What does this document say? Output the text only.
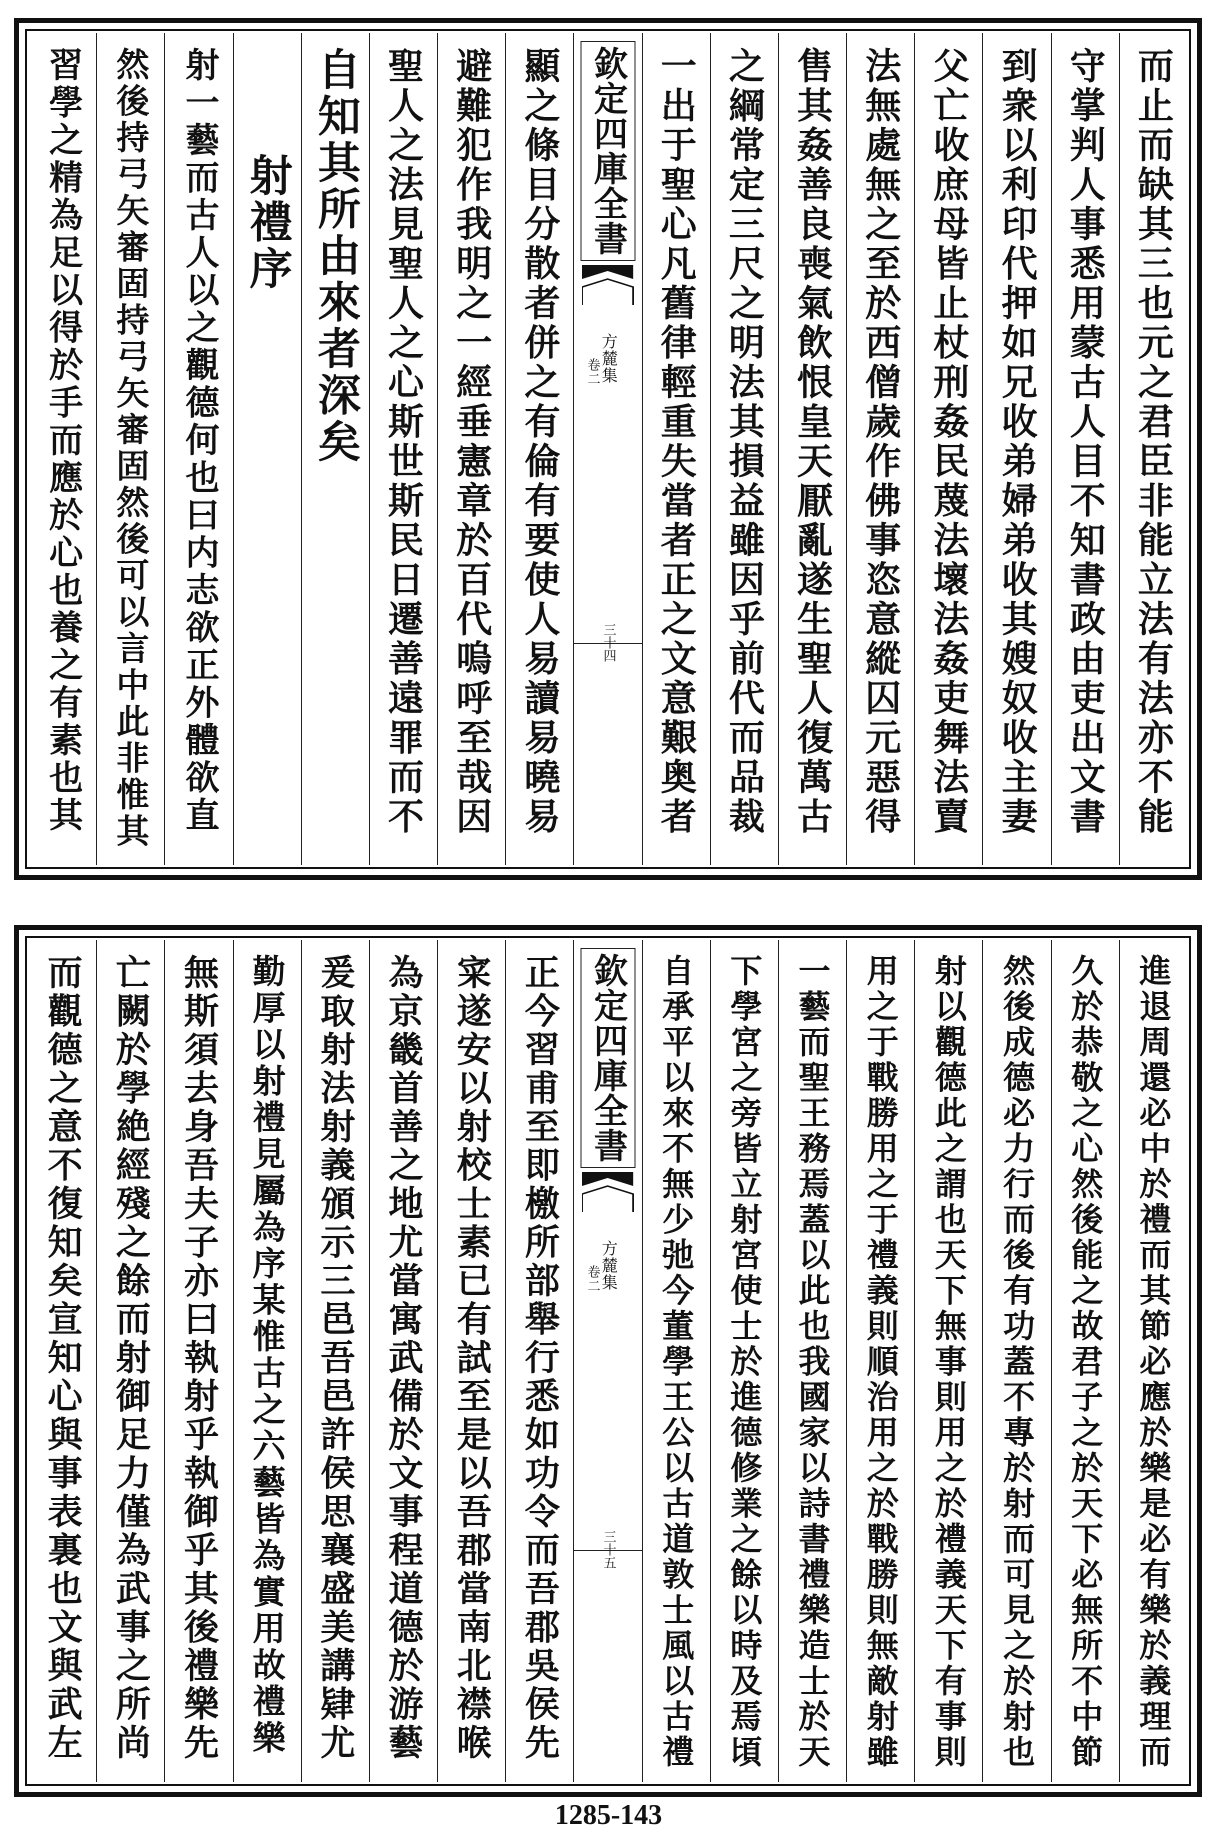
而止而缺其三也元之君臣非能立法有法亦不能
守掌判人事悉用蒙古人目不知書政由吏出文書
到衆以利印代押如兄收弟婦弟收其嫂奴收主妻
父亡收庶母皆止杖刑姦民蔑法壞法姦吏舞法賣
法無處無之至於西僧歲作佛事恣意縱囚元惡得
售其姦善良喪氣飲恨皇天厭亂遂生聖人復萬古
之綱常定三尺之明法其損益雖因乎前代而品裁
一出于聖心凡舊律輕重失當者正之文意艱奥者
欽定四庫全書
方麓集
卷二
三十四
顯之條目分散者併之有倫有要使人易讀易曉易
避難犯作我明之一經垂憲章於百代嗚呼至哉因
聖人之法見聖人之心斯世斯民日遷善遠罪而不
自知其所由來者深矣
射禮序
射一藝而古人以之觀德何也曰内志欲正外體欲直
然後持弓矢審固持弓矢審固然後可以言中此非惟其
習學之精為足以得於手而應於心也養之有素也其
進退周還必中於禮而其節必應於樂是必有樂於義理而
久於恭敬之心然後能之故君子之於天下必無所不中節
然後成德必力行而後有功蓋不專於射而可見之於射也
射以觀德此之謂也天下無事則用之於禮義天下有事則
用之于戰勝用之于禮義則順治用之於戰勝則無敵射雖
一藝而聖王務焉蓋以此也我國家以詩書禮樂造士於天
下學宮之旁皆立射宮使士於進德修業之餘以時及焉頃
自承平以來不無少弛今董學王公以古道敦士風以古禮
欽定四庫全書
方麓集
卷二
三十五
正今習甫至即檄所部舉行悉如功令而吾郡吳侯先
寀遂安以射校士素已有試至是以吾郡當南北襟喉
為京畿首善之地尤當寓武備於文事程道德於游藝
爰取射法射義頒示三邑吾邑許侯思襄盛美講肄尤
勤厚以射禮見屬為序某惟古之六藝皆為實用故禮樂
無斯須去身吾夫子亦曰執射乎執御乎其後禮樂先
亡闕於學絶經殘之餘而射御足力僅為武事之所尚
而觀德之意不復知矣宣知心與事表裏也文與武左
1285-143
